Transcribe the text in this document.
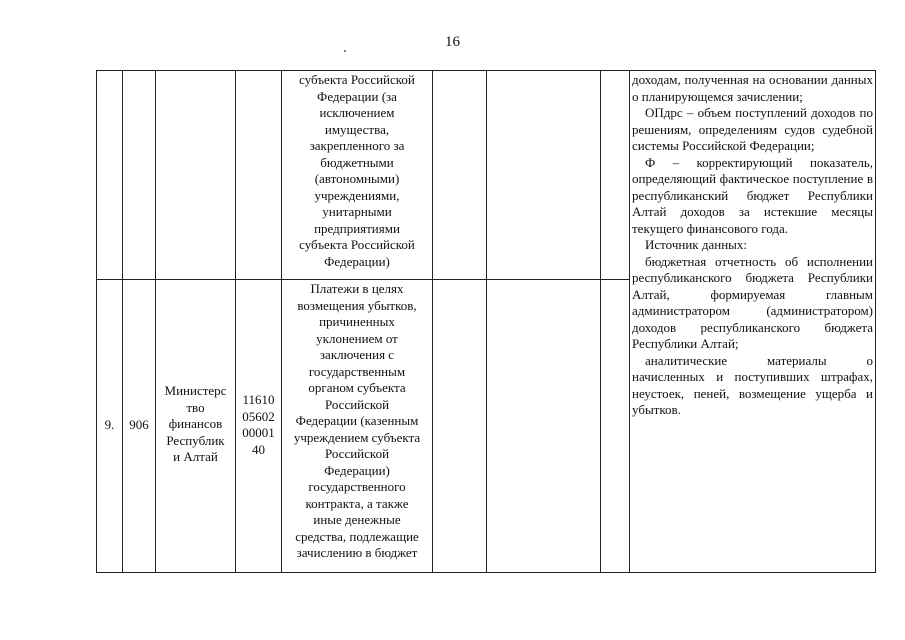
16
субъекта Российской
Федерации (за
исключением
имущества,
закрепленного за
бюджетными
(автономными)
учреждениями,
унитарными
предприятиями
субъекта Российской
Федерации)
9.	906
Министерс
тво
финансов
Республик
и Алтай
11610
05602
00001
40
Платежи в целях
возмещения убытков,
причиненных
уклонением от
заключения с
государственным
органом субъекта
Российской
Федерации (казенным
учреждением субъекта
Российской
Федерации)
государственного
контракта, а также
иные денежные
средства, подлежащие
зачислению в бюджет

доходам, полученная на основании данных о планирующемся зачислении;

ОПдрс – объем поступлений доходов по решениям, определениям судов судебной системы Российской Федерации;

Ф – корректирующий показатель, определяющий фактическое поступление в республиканский бюджет Республики Алтай доходов за истекшие месяцы текущего финансового года.

Источник данных:

бюджетная отчетность об исполнении республиканского бюджета Республики Алтай, формируемая главным администратором (администратором) доходов республиканского бюджета Республики Алтай;

аналитические материалы о начисленных и поступивших штрафах, неустоек, пеней, возмещение ущерба и убытков.
